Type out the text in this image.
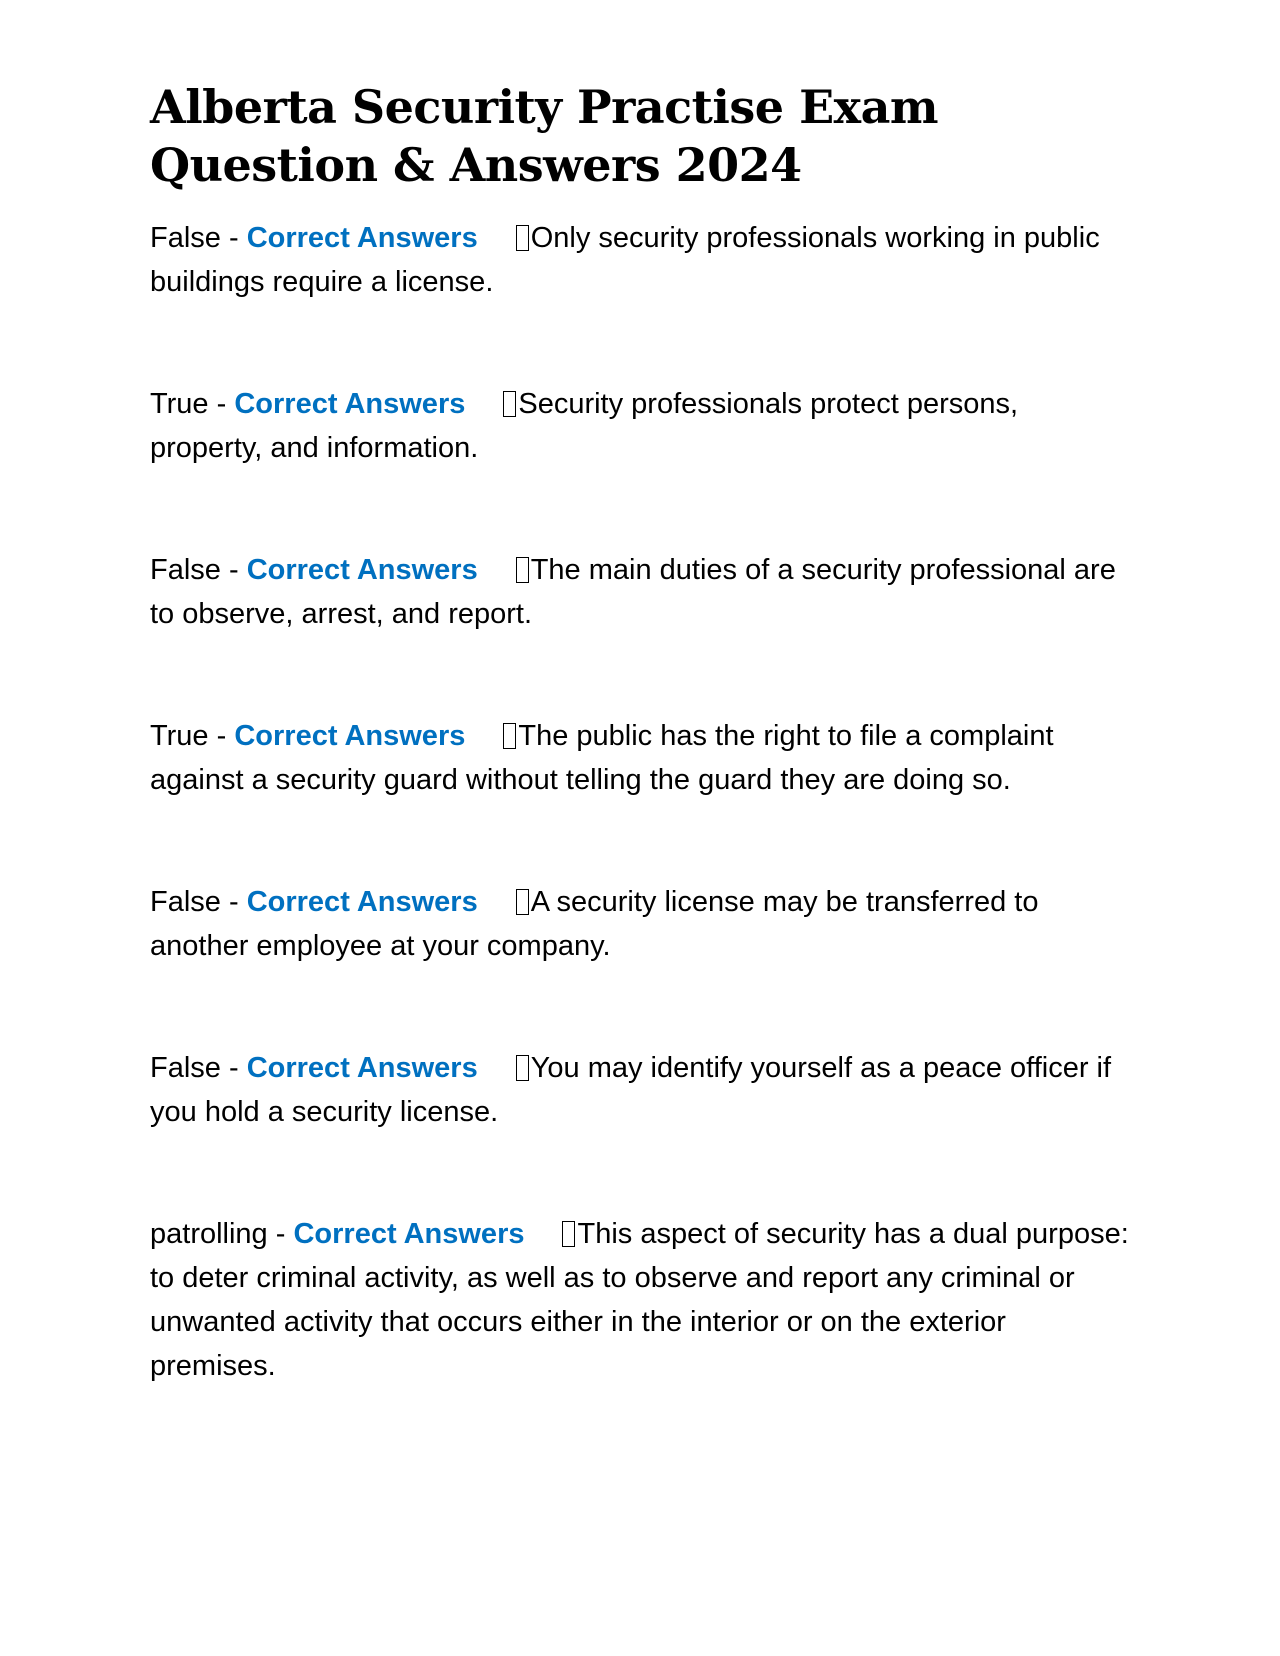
Alberta Security Practise Exam Question & Answers 2024

False - Correct Answers Only security professionals working in public buildings require a license.

True - Correct Answers Security professionals protect persons, property, and information.

False - Correct Answers The main duties of a security professional are to observe, arrest, and report.

True - Correct Answers The public has the right to file a complaint against a security guard without telling the guard they are doing so.

False - Correct Answers A security license may be transferred to another employee at your company.

False - Correct Answers You may identify yourself as a peace officer if you hold a security license.

patrolling - Correct Answers This aspect of security has a dual purpose: to deter criminal activity, as well as to observe and report any criminal or unwanted activity that occurs either in the interior or on the exterior premises.
